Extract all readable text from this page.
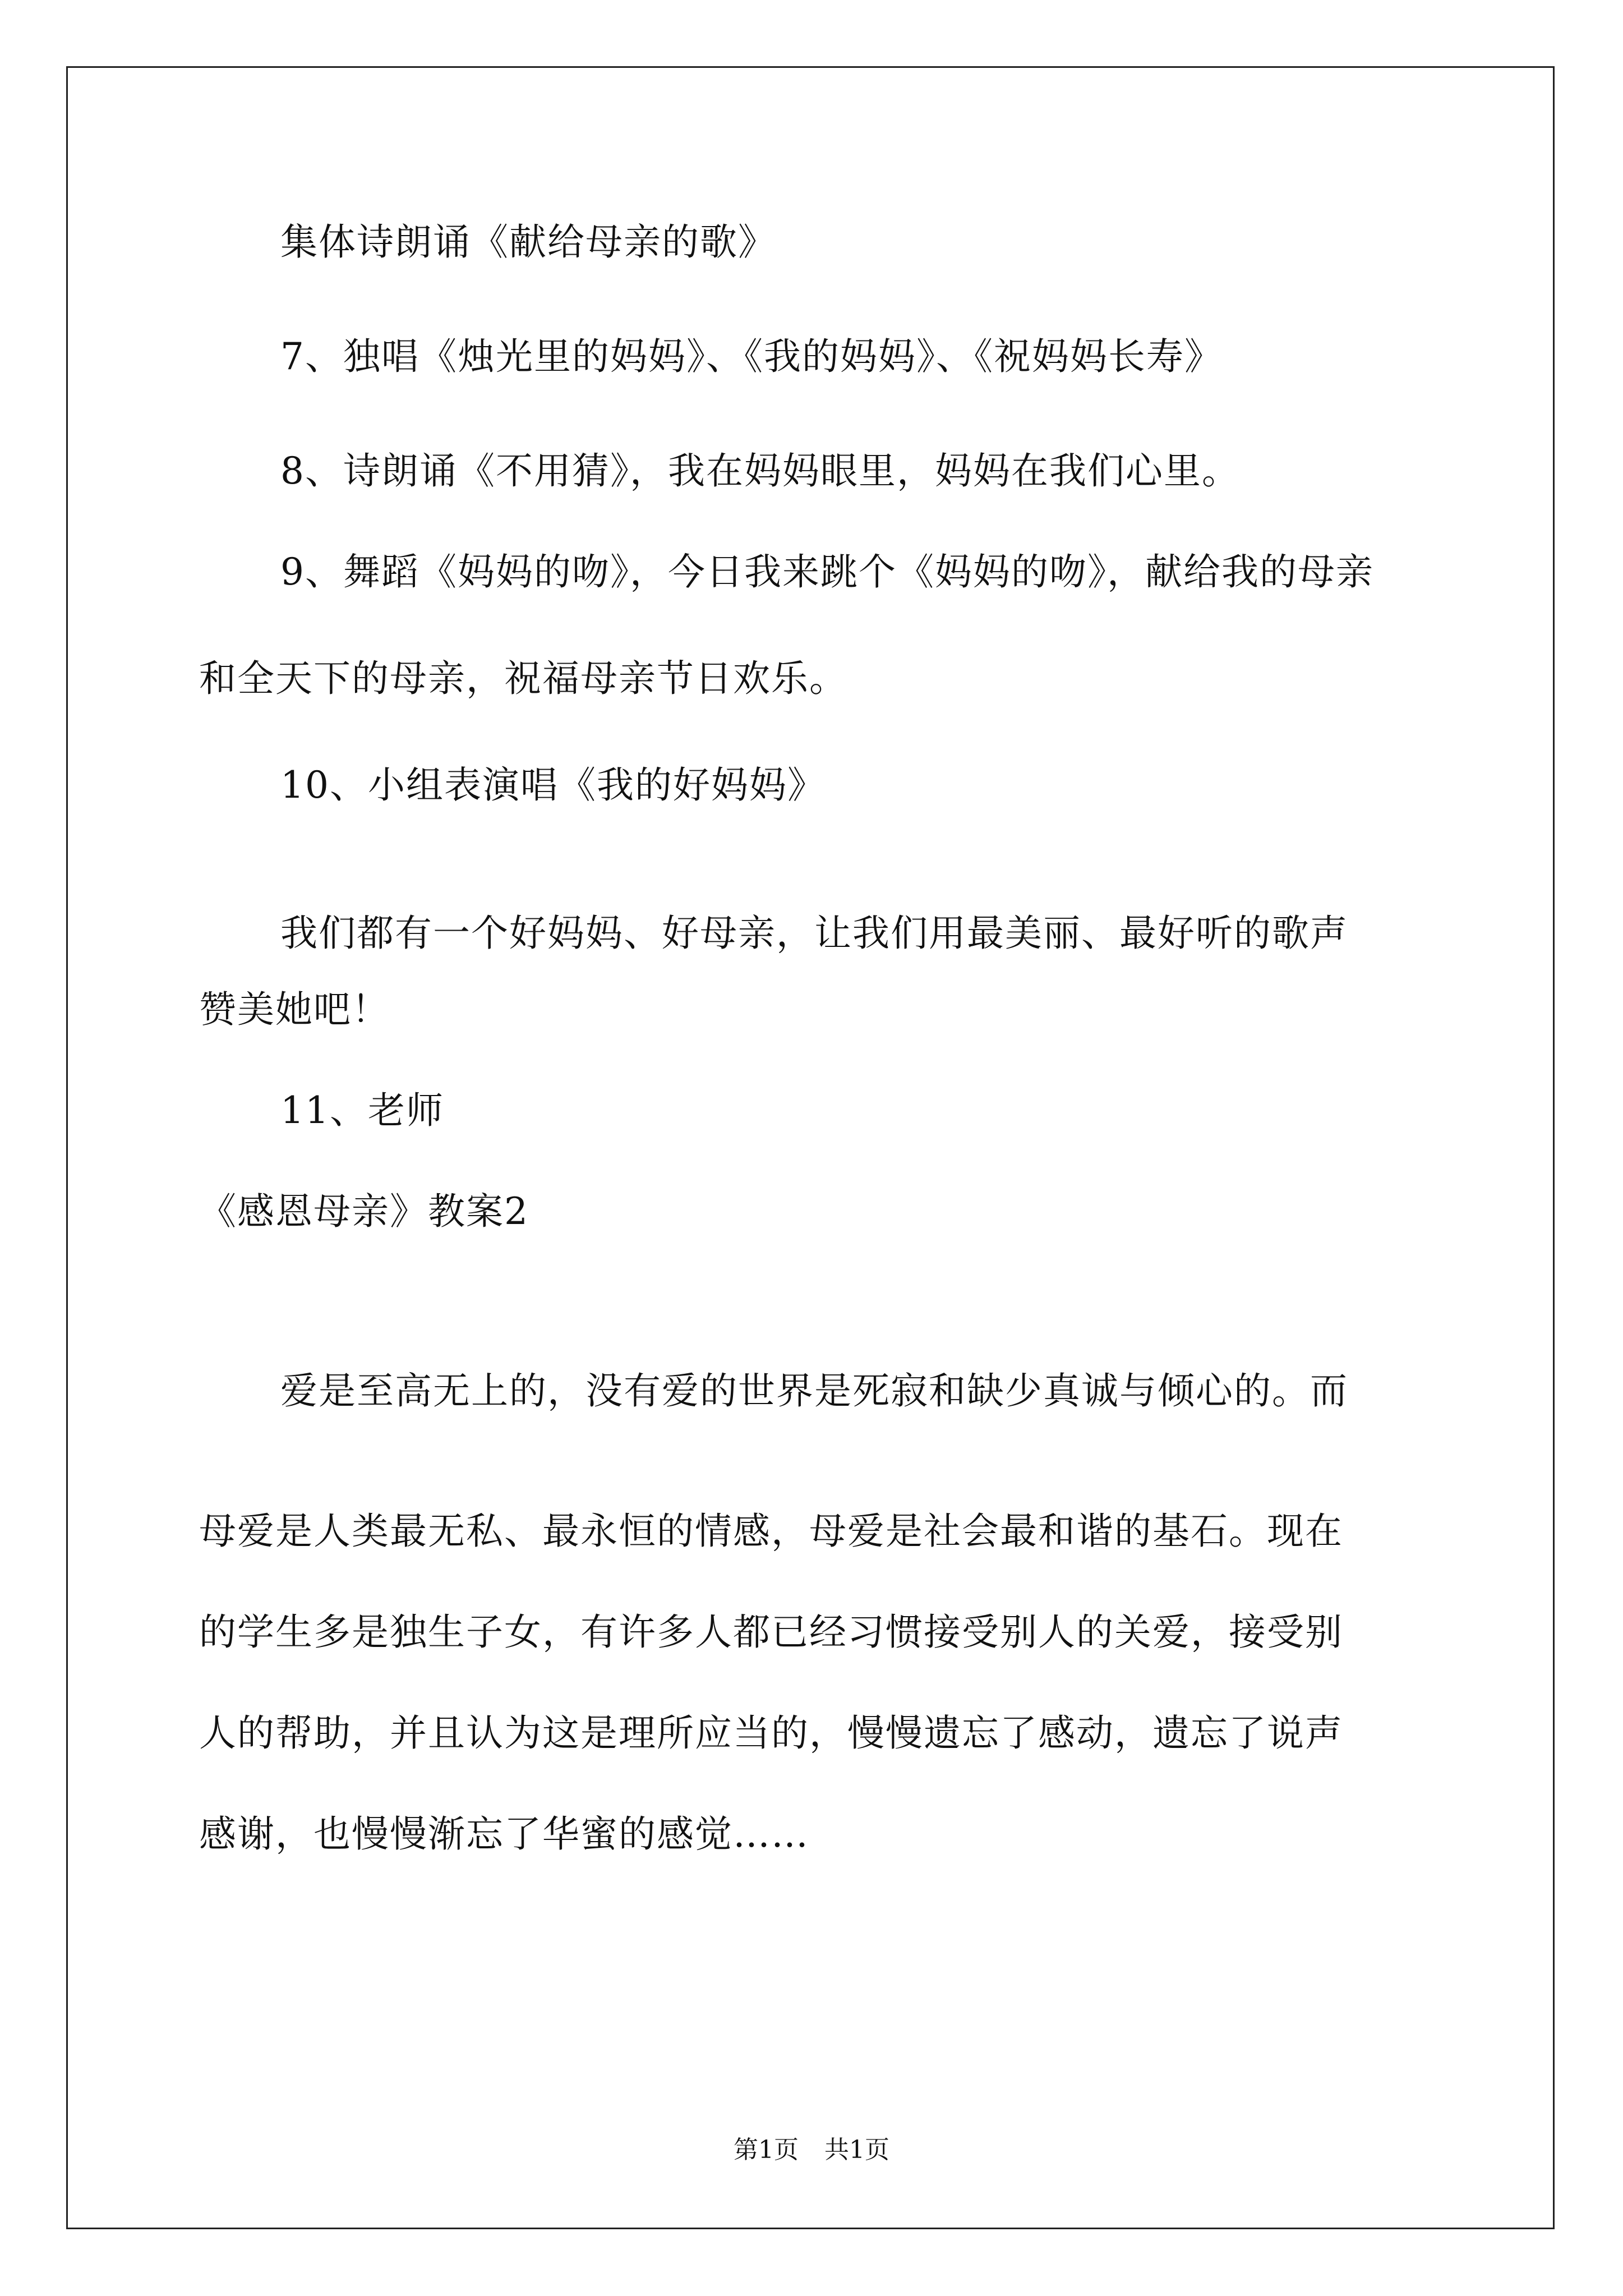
集体诗朗诵《献给母亲的歌》
7、独唱《烛光里的妈妈》、《我的妈妈》、《祝妈妈长寿》
8、诗朗诵《不用猜》，我在妈妈眼里，妈妈在我们心里。
9、舞蹈《妈妈的吻》，今日我来跳个《妈妈的吻》，献给我的母亲
和全天下的母亲，祝福母亲节日欢乐。
10、小组表演唱《我的好妈妈》
我们都有一个好妈妈、好母亲，让我们用最美丽、最好听的歌声
赞美她吧！
11、老师
《感恩母亲》教案2
爱是至高无上的，没有爱的世界是死寂和缺少真诚与倾心的。而
母爱是人类最无私、最永恒的情感，母爱是社会最和谐的基石。现在
的学生多是独生子女，有许多人都已经习惯接受别人的关爱，接受别
人的帮助，并且认为这是理所应当的，慢慢遗忘了感动，遗忘了说声
感谢，也慢慢渐忘了华蜜的感觉……
第1页 共1页
